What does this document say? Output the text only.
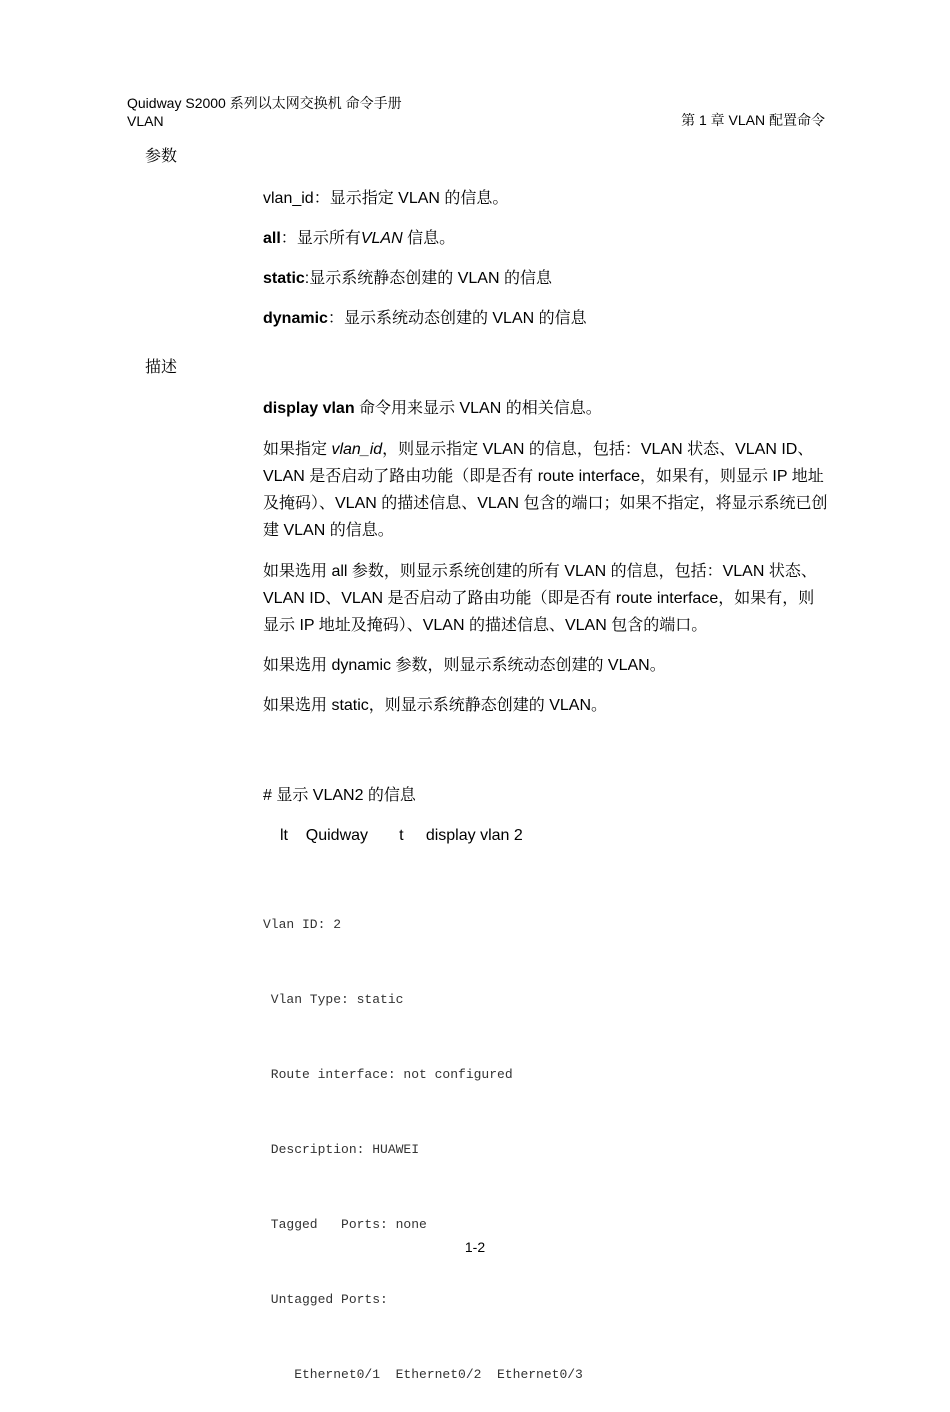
Quidway S2000 系列以太网交换机 命令手册
VLAN	第 1 章 VLAN 配置命令
参数
vlan_id：显示指定 VLAN 的信息。
all：显示所有VLAN 信息。
static:显示系统静态创建的 VLAN 的信息
dynamic：显示系统动态创建的 VLAN 的信息
描述
display vlan 命令用来显示 VLAN 的相关信息。
如果指定 vlan_id，则显示指定 VLAN 的信息，包括：VLAN 状态、VLAN ID、VLAN 是否启动了路由功能（即是否有 route interface，如果有，则显示 IP 地址及掩码）、VLAN 的描述信息、VLAN 包含的端口；如果不指定，将显示系统已创建 VLAN 的信息。
如果选用 all 参数，则显示系统创建的所有 VLAN 的信息，包括：VLAN 状态、VLAN ID、VLAN 是否启动了路由功能（即是否有 route interface，如果有，则显示 IP 地址及掩码）、VLAN 的描述信息、VLAN 包含的端口。
如果选用 dynamic 参数，则显示系统动态创建的 VLAN。
如果选用 static，则显示系统静态创建的 VLAN。
# 显示 VLAN2 的信息
lt    Quidway       t     display vlan 2

Vlan ID: 2

Vlan Type: static

Route interface: not configured

Description: HUAWEI

Tagged   Ports: none

Untagged Ports:

Ethernet0/1  Ethernet0/2  Ethernet0/3

1-2
